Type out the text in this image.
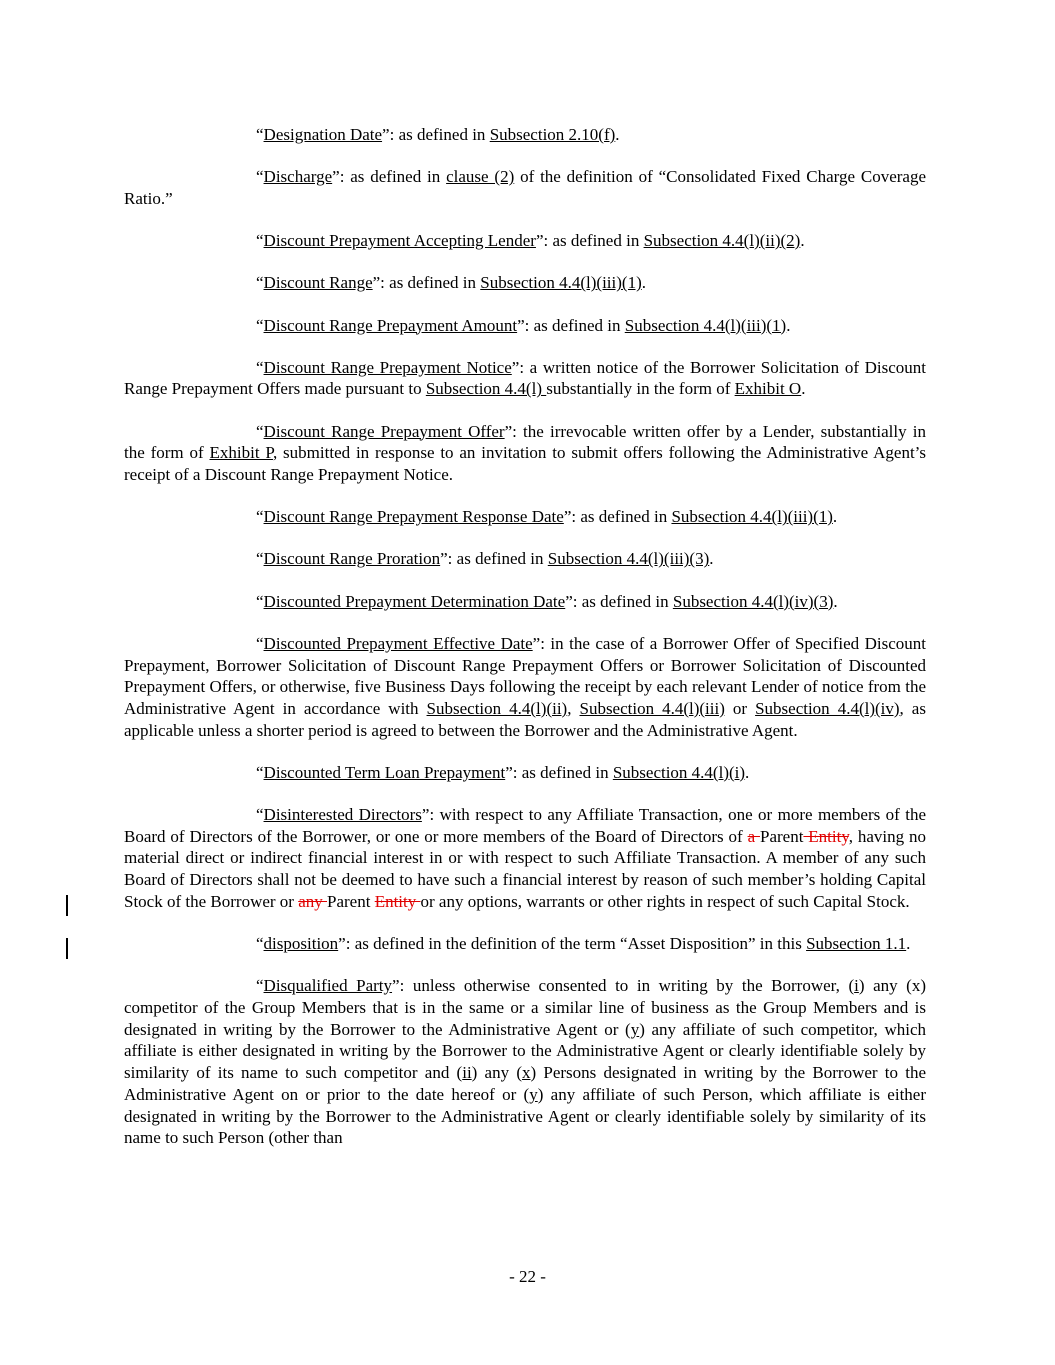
“Designation Date”: as defined in Subsection 2.10(f).

“Discharge”: as defined in clause (2) of the definition of “Consolidated Fixed Charge Coverage Ratio.”

“Discount Prepayment Accepting Lender”: as defined in Subsection 4.4(l)(ii)(2).

“Discount Range”: as defined in Subsection 4.4(l)(iii)(1).

“Discount Range Prepayment Amount”: as defined in Subsection 4.4(l)(iii)(1).

“Discount Range Prepayment Notice”: a written notice of the Borrower Solicitation of Discount Range Prepayment Offers made pursuant to Subsection 4.4(l) substantially in the form of Exhibit O.

“Discount Range Prepayment Offer”: the irrevocable written offer by a Lender, substantially in the form of Exhibit P, submitted in response to an invitation to submit offers following the Administrative Agent’s receipt of a Discount Range Prepayment Notice.

“Discount Range Prepayment Response Date”: as defined in Subsection 4.4(l)(iii)(1).

“Discount Range Proration”: as defined in Subsection 4.4(l)(iii)(3).

“Discounted Prepayment Determination Date”: as defined in Subsection 4.4(l)(iv)(3).

“Discounted Prepayment Effective Date”: in the case of a Borrower Offer of Specified Discount Prepayment, Borrower Solicitation of Discount Range Prepayment Offers or Borrower Solicitation of Discounted Prepayment Offers, or otherwise, five Business Days following the receipt by each relevant Lender of notice from the Administrative Agent in accordance with Subsection 4.4(l)(ii), Subsection 4.4(l)(iii) or Subsection 4.4(l)(iv), as applicable unless a shorter period is agreed to between the Borrower and the Administrative Agent.

“Discounted Term Loan Prepayment”: as defined in Subsection 4.4(l)(i).

“Disinterested Directors”: with respect to any Affiliate Transaction, one or more members of the Board of Directors of the Borrower, or one or more members of the Board of Directors of a Parent Entity, having no material direct or indirect financial interest in or with respect to such Affiliate Transaction. A member of any such Board of Directors shall not be deemed to have such a financial interest by reason of such member’s holding Capital Stock of the Borrower or any Parent Entity or any options, warrants or other rights in respect of such Capital Stock.

“disposition”: as defined in the definition of the term “Asset Disposition” in this Subsection 1.1.

“Disqualified Party”: unless otherwise consented to in writing by the Borrower, (i) any (x) competitor of the Group Members that is in the same or a similar line of business as the Group Members and is designated in writing by the Borrower to the Administrative Agent or (y) any affiliate of such competitor, which affiliate is either designated in writing by the Borrower to the Administrative Agent or clearly identifiable solely by similarity of its name to such competitor and (ii) any (x) Persons designated in writing by the Borrower to the Administrative Agent on or prior to the date hereof or (y) any affiliate of such Person, which affiliate is either designated in writing by the Borrower to the Administrative Agent or clearly identifiable solely by similarity of its name to such Person (other than

- 22 -
